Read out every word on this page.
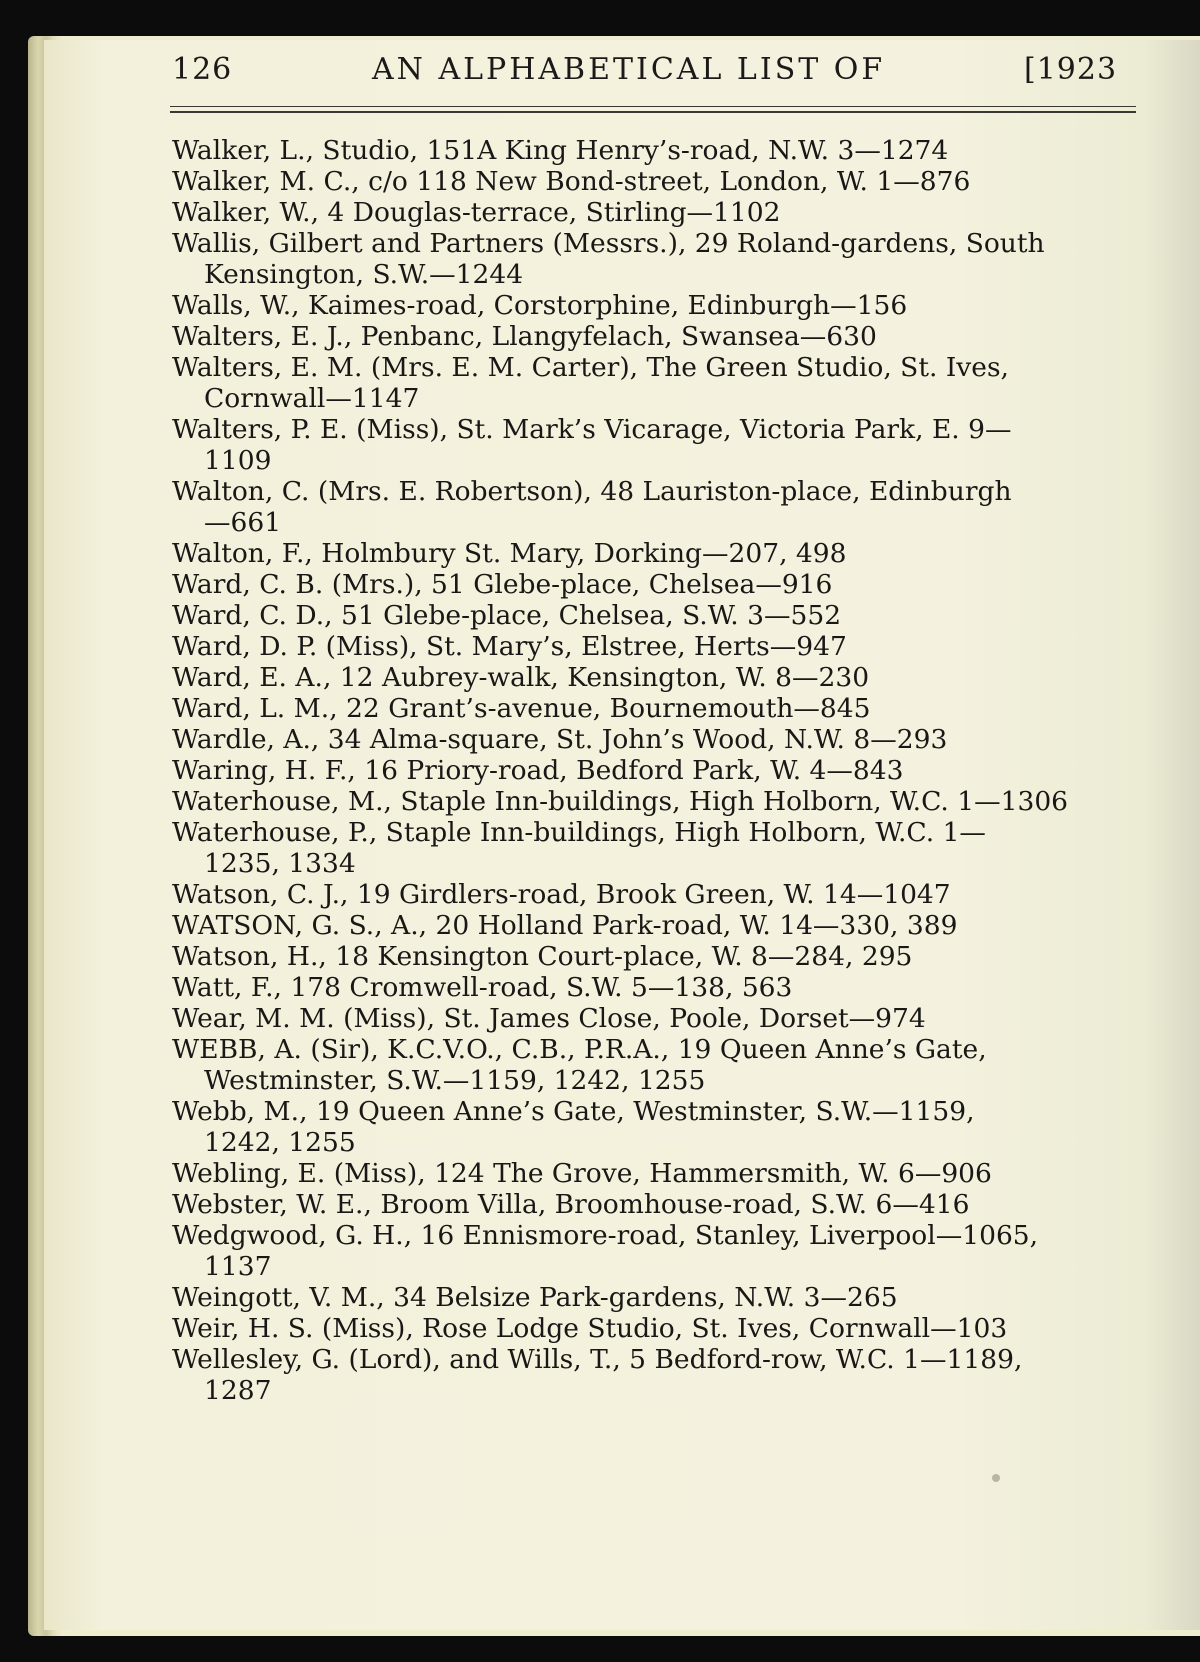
126	AN ALPHABETICAL LIST OF	[1923
Walker, L., Studio, 151A King Henry’s-road, N.W. 3—1274
Walker, M. C., c/o 118 New Bond-street, London, W. 1—876
Walker, W., 4 Douglas-terrace, Stirling—1102
Wallis, Gilbert and Partners (Messrs.), 29 Roland-gardens, South
Kensington, S.W.—1244
Walls, W., Kaimes-road, Corstorphine, Edinburgh—156
Walters, E. J., Penbanc, Llangyfelach, Swansea—630
Walters, E. M. (Mrs. E. M. Carter), The Green Studio, St. Ives,
Cornwall—1147
Walters, P. E. (Miss), St. Mark’s Vicarage, Victoria Park, E. 9—
1109
Walton, C. (Mrs. E. Robertson), 48 Lauriston-place, Edinburgh
—661
Walton, F., Holmbury St. Mary, Dorking—207, 498
Ward, C. B. (Mrs.), 51 Glebe-place, Chelsea—916
Ward, C. D., 51 Glebe-place, Chelsea, S.W. 3—552
Ward, D. P. (Miss), St. Mary’s, Elstree, Herts—947
Ward, E. A., 12 Aubrey-walk, Kensington, W. 8—230
Ward, L. M., 22 Grant’s-avenue, Bournemouth—845
Wardle, A., 34 Alma-square, St. John’s Wood, N.W. 8—293
Waring, H. F., 16 Priory-road, Bedford Park, W. 4—843
Waterhouse, M., Staple Inn-buildings, High Holborn, W.C. 1—1306
Waterhouse, P., Staple Inn-buildings, High Holborn, W.C. 1—
1235, 1334
Watson, C. J., 19 Girdlers-road, Brook Green, W. 14—1047
WATSON, G. S., A., 20 Holland Park-road, W. 14—330, 389
Watson, H., 18 Kensington Court-place, W. 8—284, 295
Watt, F., 178 Cromwell-road, S.W. 5—138, 563
Wear, M. M. (Miss), St. James Close, Poole, Dorset—974
WEBB, A. (Sir), K.C.V.O., C.B., P.R.A., 19 Queen Anne’s Gate,
Westminster, S.W.—1159, 1242, 1255
Webb, M., 19 Queen Anne’s Gate, Westminster, S.W.—1159,
1242, 1255
Webling, E. (Miss), 124 The Grove, Hammersmith, W. 6—906
Webster, W. E., Broom Villa, Broomhouse-road, S.W. 6—416
Wedgwood, G. H., 16 Ennismore-road, Stanley, Liverpool—1065,
1137
Weingott, V. M., 34 Belsize Park-gardens, N.W. 3—265
Weir, H. S. (Miss), Rose Lodge Studio, St. Ives, Cornwall—103
Wellesley, G. (Lord), and Wills, T., 5 Bedford-row, W.C. 1—1189,
1287
